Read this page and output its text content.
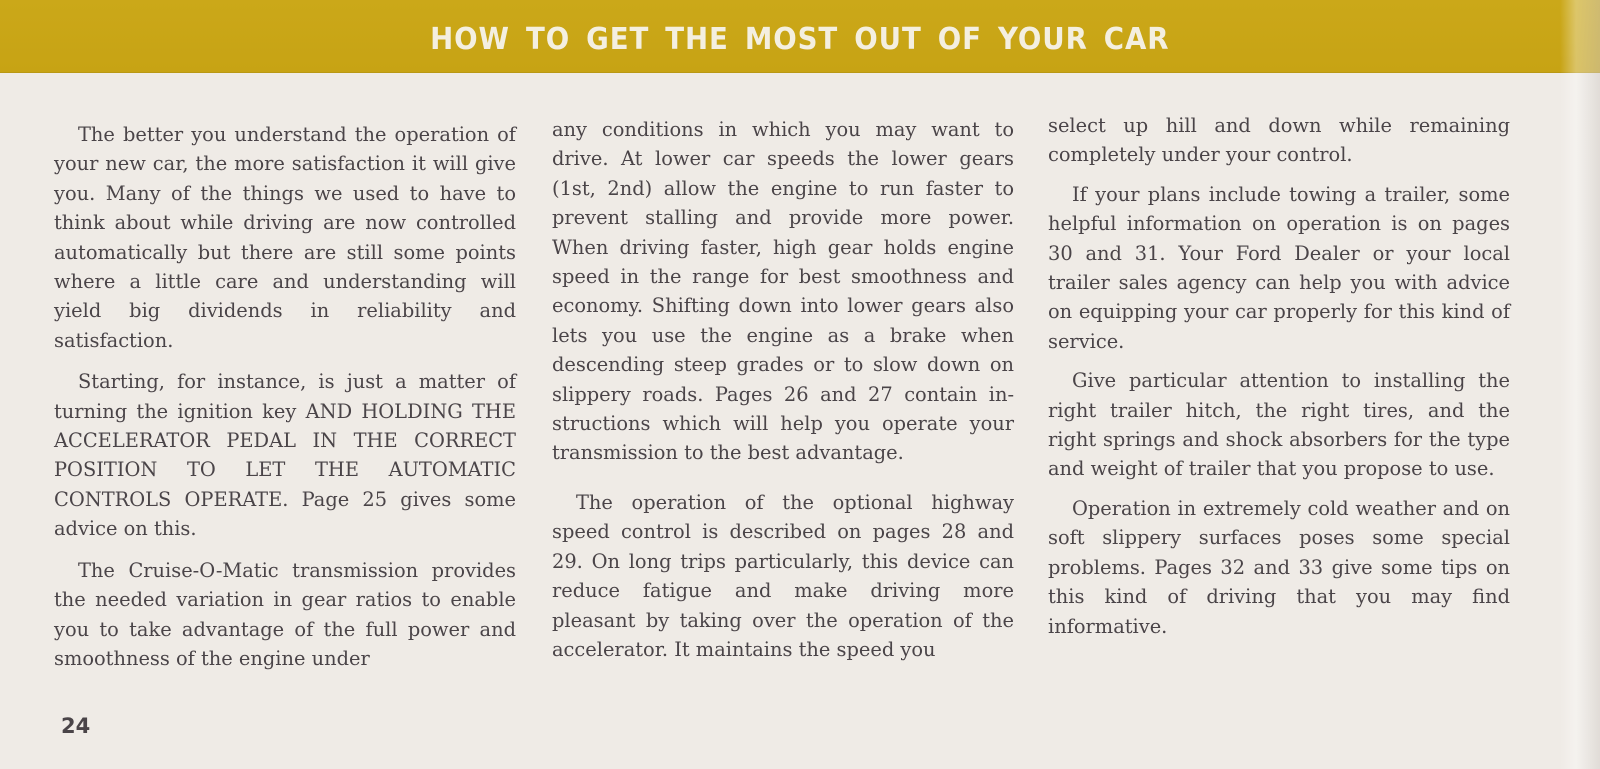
HOW TO GET THE MOST OUT OF YOUR CAR

The better you understand the operation of your new car, the more satisfaction it will give you. Many of the things we used to have to think about while driving are now controlled automatically but there are still some points where a little care and understanding will yield big dividends in reliability and satisfaction.

Starting, for instance, is just a matter of turning the ignition key AND HOLDING THE ACCELERATOR PEDAL IN THE CORRECT POSITION TO LET THE AUTOMATIC CONTROLS OPERATE. Page 25 gives some advice on this.

The Cruise-O-Matic transmission provides the needed variation in gear ratios to enable you to take advantage of the full power and smoothness of the engine under

any conditions in which you may want to drive. At lower car speeds the lower gears (1st, 2nd) allow the engine to run faster to prevent stalling and provide more power. When driving faster, high gear holds engine speed in the range for best smoothness and economy. Shifting down into lower gears also lets you use the engine as a brake when descending steep grades or to slow down on slippery roads. Pages 26 and 27 contain instructions which will help you operate your transmission to the best advantage.

The operation of the optional highway speed control is described on pages 28 and 29. On long trips particularly, this device can reduce fatigue and make driving more pleasant by taking over the operation of the accelerator. It maintains the speed you

select up hill and down while remaining completely under your control.

If your plans include towing a trailer, some helpful information on operation is on pages 30 and 31. Your Ford Dealer or your local trailer sales agency can help you with advice on equipping your car properly for this kind of service.

Give particular attention to installing the right trailer hitch, the right tires, and the right springs and shock absorbers for the type and weight of trailer that you propose to use.

Operation in extremely cold weather and on soft slippery surfaces poses some special problems. Pages 32 and 33 give some tips on this kind of driving that you may find informative.

24
